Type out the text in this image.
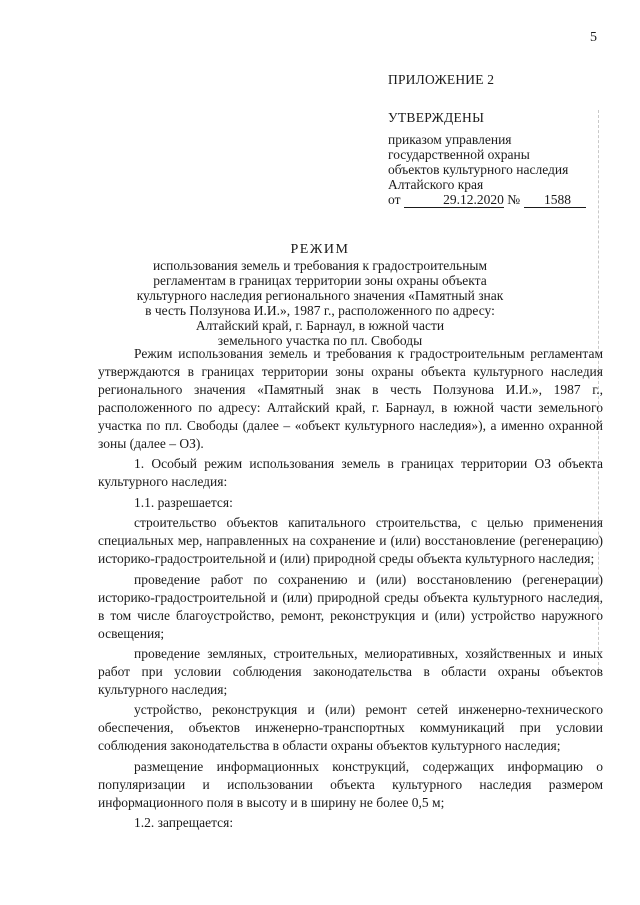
5

ПРИЛОЖЕНИЕ 2

УТВЕРЖДЕНЫ

приказом управления

государственной охраны

объектов культурного наследия

Алтайского края

от	29.12.2020 № 1588

РЕЖИМ

использования земель и требования к градостроительным
регламентам в границах территории зоны охраны объекта
культурного наследия регионального значения «Памятный знак
в честь Ползунова И.И.», 1987 г., расположенного по адресу:
Алтайский край, г. Барнаул, в южной части
земельного участка по пл. Свободы

Режим использования земель и требования к градостроительным регламентам утверждаются в границах территории зоны охраны объекта культурного наследия регионального значения «Памятный знак в честь Ползунова И.И.», 1987 г., расположенного по адресу: Алтайский край, г. Барнаул, в южной части земельного участка по пл. Свободы (далее – «объект культурного наследия»), а именно охранной зоны (далее – ОЗ).

1. Особый режим использования земель в границах территории ОЗ объекта культурного наследия:

1.1. разрешается:

строительство объектов капитального строительства, с целью применения специальных мер, направленных на сохранение и (или) восстановление (регенерацию) историко-градостроительной и (или) природной среды объекта культурного наследия;

проведение работ по сохранению и (или) восстановлению (регенерации) историко-градостроительной и (или) природной среды объекта культурного наследия, в том числе благоустройство, ремонт, реконструкция и (или) устройство наружного освещения;

проведение земляных, строительных, мелиоративных, хозяйственных и иных работ при условии соблюдения законодательства в области охраны объектов культурного наследия;

устройство, реконструкция и (или) ремонт сетей инженерно-технического обеспечения, объектов инженерно-транспортных коммуникаций при условии соблюдения законодательства в области охраны объектов культурного наследия;

размещение информационных конструкций, содержащих информацию о популяризации и использовании объекта культурного наследия размером информационного поля в высоту и в ширину не более 0,5 м;

1.2. запрещается:
